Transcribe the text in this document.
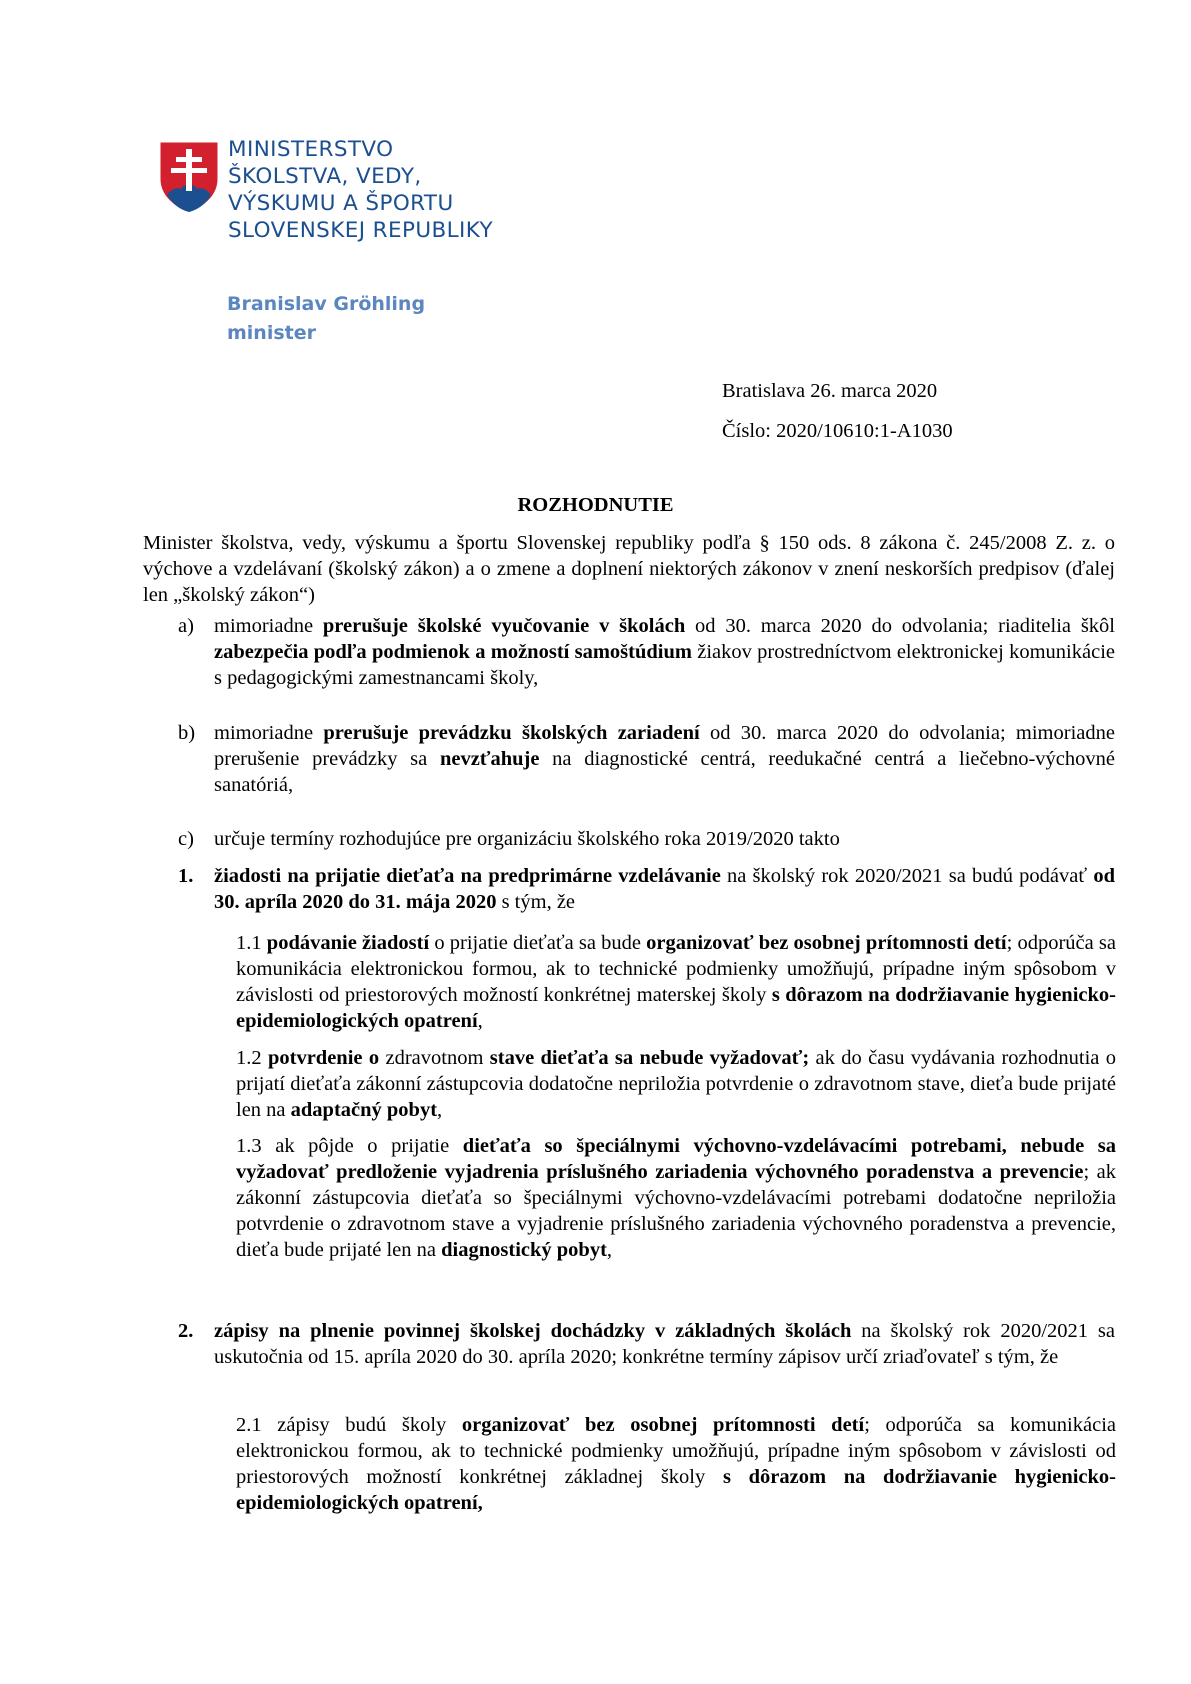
MINISTERSTVO
ŠKOLSTVA, VEDY,
VÝSKUMU A ŠPORTU
SLOVENSKEJ REPUBLIKY
Branislav Gröhling
minister
Bratislava 26. marca 2020
Číslo: 2020/10610:1-A1030
ROZHODNUTIE
Minister školstva, vedy, výskumu a športu Slovenskej republiky podľa § 150 ods. 8 zákona č. 245/2008 Z. z. o výchove a vzdelávaní (školský zákon) a o zmene a doplnení niektorých zákonov v znení neskorších predpisov (ďalej len „školský zákon“)
a) mimoriadne prerušuje školské vyučovanie v školách od 30. marca 2020 do odvolania; riaditelia škôl zabezpečia podľa podmienok a možností samoštúdium žiakov prostredníctvom elektronickej komunikácie s pedagogickými zamestnancami školy,
b) mimoriadne prerušuje prevádzku školských zariadení od 30. marca 2020 do odvolania; mimoriadne prerušenie prevádzky sa nevzťahuje na diagnostické centrá, reedukačné centrá a liečebno-výchovné sanatóriá,
c) určuje termíny rozhodujúce pre organizáciu školského roka 2019/2020 takto
1. žiadosti na prijatie dieťaťa na predprimárne vzdelávanie na školský rok 2020/2021 sa budú podávať od 30. apríla 2020 do 31. mája 2020 s tým, že
1.1 podávanie žiadostí o prijatie dieťaťa sa bude organizovať bez osobnej prítomnosti detí; odporúča sa komunikácia elektronickou formou, ak to technické podmienky umožňujú, prípadne iným spôsobom v závislosti od priestorových možností konkrétnej materskej školy s dôrazom na dodržiavanie hygienicko-epidemiologických opatrení,
1.2 potvrdenie o zdravotnom stave dieťaťa sa nebude vyžadovať; ak do času vydávania rozhodnutia o prijatí dieťaťa zákonní zástupcovia dodatočne nepriložia potvrdenie o zdravotnom stave, dieťa bude prijaté len na adaptačný pobyt,
1.3 ak pôjde o prijatie dieťaťa so špeciálnymi výchovno-vzdelávacími potrebami, nebude sa vyžadovať predloženie vyjadrenia príslušného zariadenia výchovného poradenstva a prevencie; ak zákonní zástupcovia dieťaťa so špeciálnymi výchovno-vzdelávacími potrebami dodatočne nepriložia potvrdenie o zdravotnom stave a vyjadrenie príslušného zariadenia výchovného poradenstva a prevencie, dieťa bude prijaté len na diagnostický pobyt,
2. zápisy na plnenie povinnej školskej dochádzky v základných školách na školský rok 2020/2021 sa uskutočnia od 15. apríla 2020 do 30. apríla 2020; konkrétne termíny zápisov určí zriaďovateľ s tým, že
2.1 zápisy budú školy organizovať bez osobnej prítomnosti detí; odporúča sa komunikácia elektronickou formou, ak to technické podmienky umožňujú, prípadne iným spôsobom v závislosti od priestorových možností konkrétnej základnej školy s dôrazom na dodržiavanie hygienicko-epidemiologických opatrení,
